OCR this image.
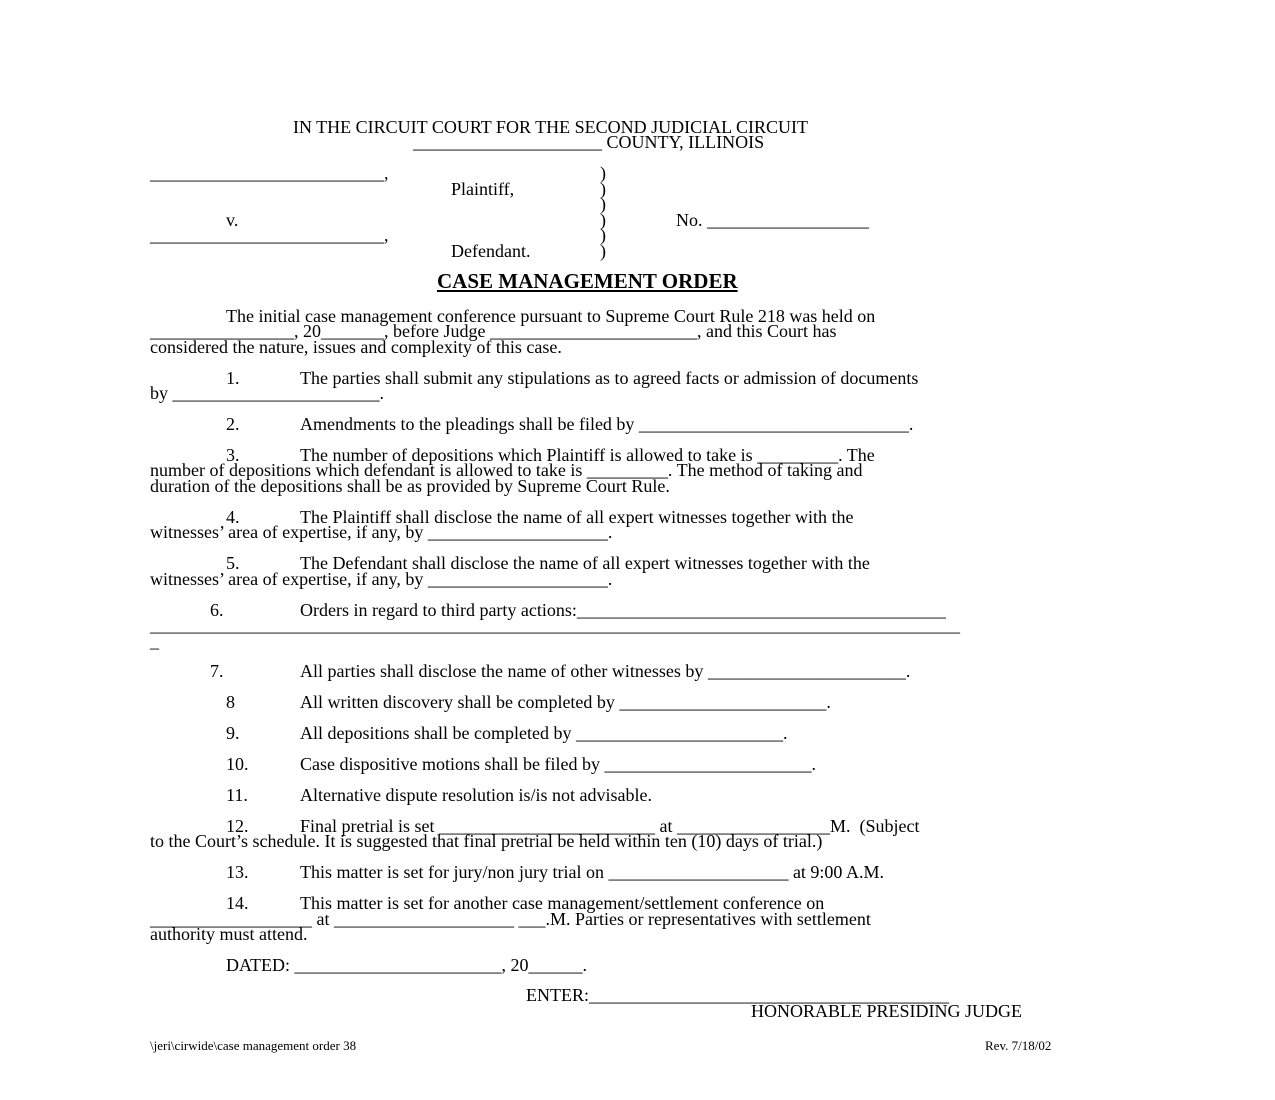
IN THE CIRCUIT COURT FOR THE SECOND JUDICIAL CIRCUIT
_____________________ COUNTY, ILLINOIS
__________________________,
Plaintiff,
v.
__________________________,
Defendant.
)
)
)
)
)
)
No. __________________
CASE MANAGEMENT ORDER
The initial case management conference pursuant to Supreme Court Rule 218 was held on
________________, 20_______, before Judge _______________________, and this Court has
considered the nature, issues and complexity of this case.
1.	The parties shall submit any stipulations as to agreed facts or admission of documents
by _______________________.
2.	Amendments to the pleadings shall be filed by ______________________________.
3.	The number of depositions which Plaintiff is allowed to take is _________. The
number of depositions which defendant is allowed to take is _________. The method of taking and
duration of the depositions shall be as provided by Supreme Court Rule.
4.	The Plaintiff shall disclose the name of all expert witnesses together with the
witnesses’ area of expertise, if any, by ____________________.
5.	The Defendant shall disclose the name of all expert witnesses together with the
witnesses’ area of expertise, if any, by ____________________.
6.	Orders in regard to third party actions:_________________________________________
__________________________________________________________________________________________
_
7.	All parties shall disclose the name of other witnesses by ______________________.
8	All written discovery shall be completed by _______________________.
9.	All depositions shall be completed by _______________________.
10.	Case dispositive motions shall be filed by _______________________.
11.	Alternative dispute resolution is/is not advisable.
12.	Final pretrial is set ________________________ at _________________M.  (Subject
to the Court’s schedule. It is suggested that final pretrial be held within ten (10) days of trial.)
13.	This matter is set for jury/non jury trial on ____________________ at 9:00 A.M.
14.	This matter is set for another case management/settlement conference on
__________________ at ____________________ ___.M. Parties or representatives with settlement
authority must attend.
DATED: _______________________, 20______.
ENTER:________________________________________
HONORABLE PRESIDING JUDGE
\jeri\cirwide\case management order 38	Rev. 7/18/02
